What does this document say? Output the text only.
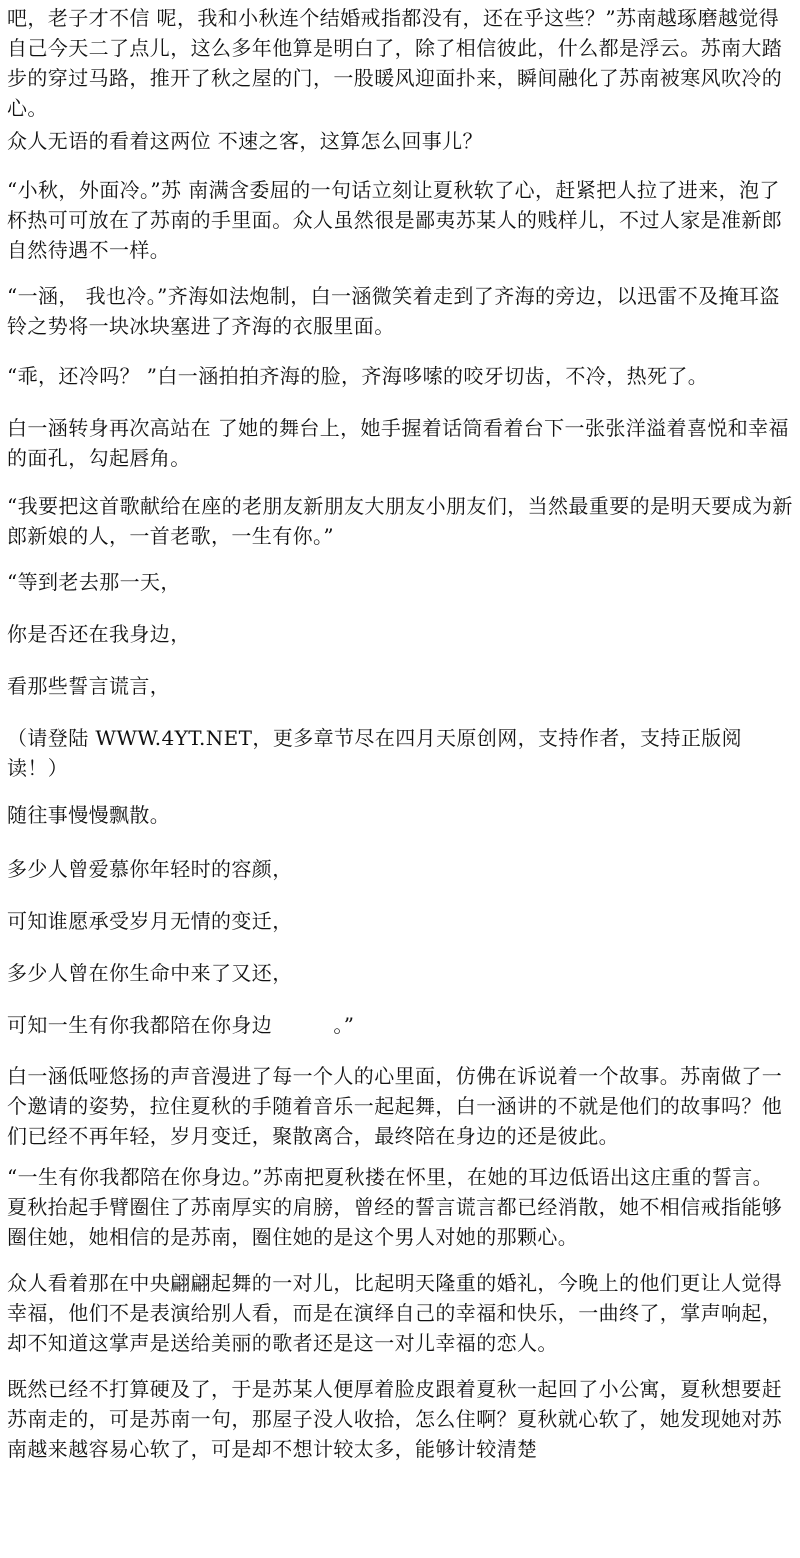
吧，老子才不信 呢，我和小秋连个结婚戒指都没有，还在乎这些？”苏南越琢磨越觉得自己今天二了点儿，这么多年他算是明白了，除了相信彼此，什么都是浮云。苏南大踏步的穿过马路，推开了秋之屋的门，一股暖风迎面扑来，瞬间融化了苏南被寒风吹冷的心。

众人无语的看着这两位 不速之客，这算怎么回事儿？

“小秋，外面冷。”苏 南满含委屈的一句话立刻让夏秋软了心，赶紧把人拉了进来，泡了杯热可可放在了苏南的手里面。众人虽然很是鄙夷苏某人的贱样儿，不过人家是准新郎自然待遇不一样。

“一涵， 我也冷。”齐海如法炮制，白一涵微笑着走到了齐海的旁边，以迅雷不及掩耳盗铃之势将一块冰块塞进了齐海的衣服里面。

“乖，还冷吗？ ”白一涵拍拍齐海的脸，齐海哆嗦的咬牙切齿，不冷，热死了。

白一涵转身再次高站在 了她的舞台上，她手握着话筒看着台下一张张洋溢着喜悦和幸福的面孔，勾起唇角。

“我要把这首歌献给在座的老朋友新朋友大朋友小朋友们，当然最重要的是明天要成为新郎新娘的人，一首老歌，一生有你。”

“等到老去那一天，

你是否还在我身边，

看那些誓言谎言，

（请登陆 WWW.4YT.NET，更多章节尽在四月天原创网，支持作者，支持正版阅读！）

随往事慢慢飘散。

多少人曾爱慕你年轻时的容颜，

可知谁愿承受岁月无情的变迁，

多少人曾在你生命中来了又还，

可知一生有你我都陪在你身边　　　。”

白一涵低哑悠扬的声音漫进了每一个人的心里面，仿佛在诉说着一个故事。苏南做了一个邀请的姿势，拉住夏秋的手随着音乐一起起舞，白一涵讲的不就是他们的故事吗？他们已经不再年轻，岁月变迁，聚散离合，最终陪在身边的还是彼此。

“一生有你我都陪在你身边。”苏南把夏秋搂在怀里，在她的耳边低语出这庄重的誓言。夏秋抬起手臂圈住了苏南厚实的肩膀，曾经的誓言谎言都已经消散，她不相信戒指能够圈住她，她相信的是苏南，圈住她的是这个男人对她的那颗心。

众人看着那在中央翩翩起舞的一对儿，比起明天隆重的婚礼，今晚上的他们更让人觉得幸福，他们不是表演给别人看，而是在演绎自己的幸福和快乐，一曲终了，掌声响起，却不知道这掌声是送给美丽的歌者还是这一对儿幸福的恋人。

既然已经不打算硬及了，于是苏某人便厚着脸皮跟着夏秋一起回了小公寓，夏秋想要赶苏南走的，可是苏南一句，那屋子没人收拾，怎么住啊？夏秋就心软了，她发现她对苏南越来越容易心软了，可是却不想计较太多，能够计较清楚
